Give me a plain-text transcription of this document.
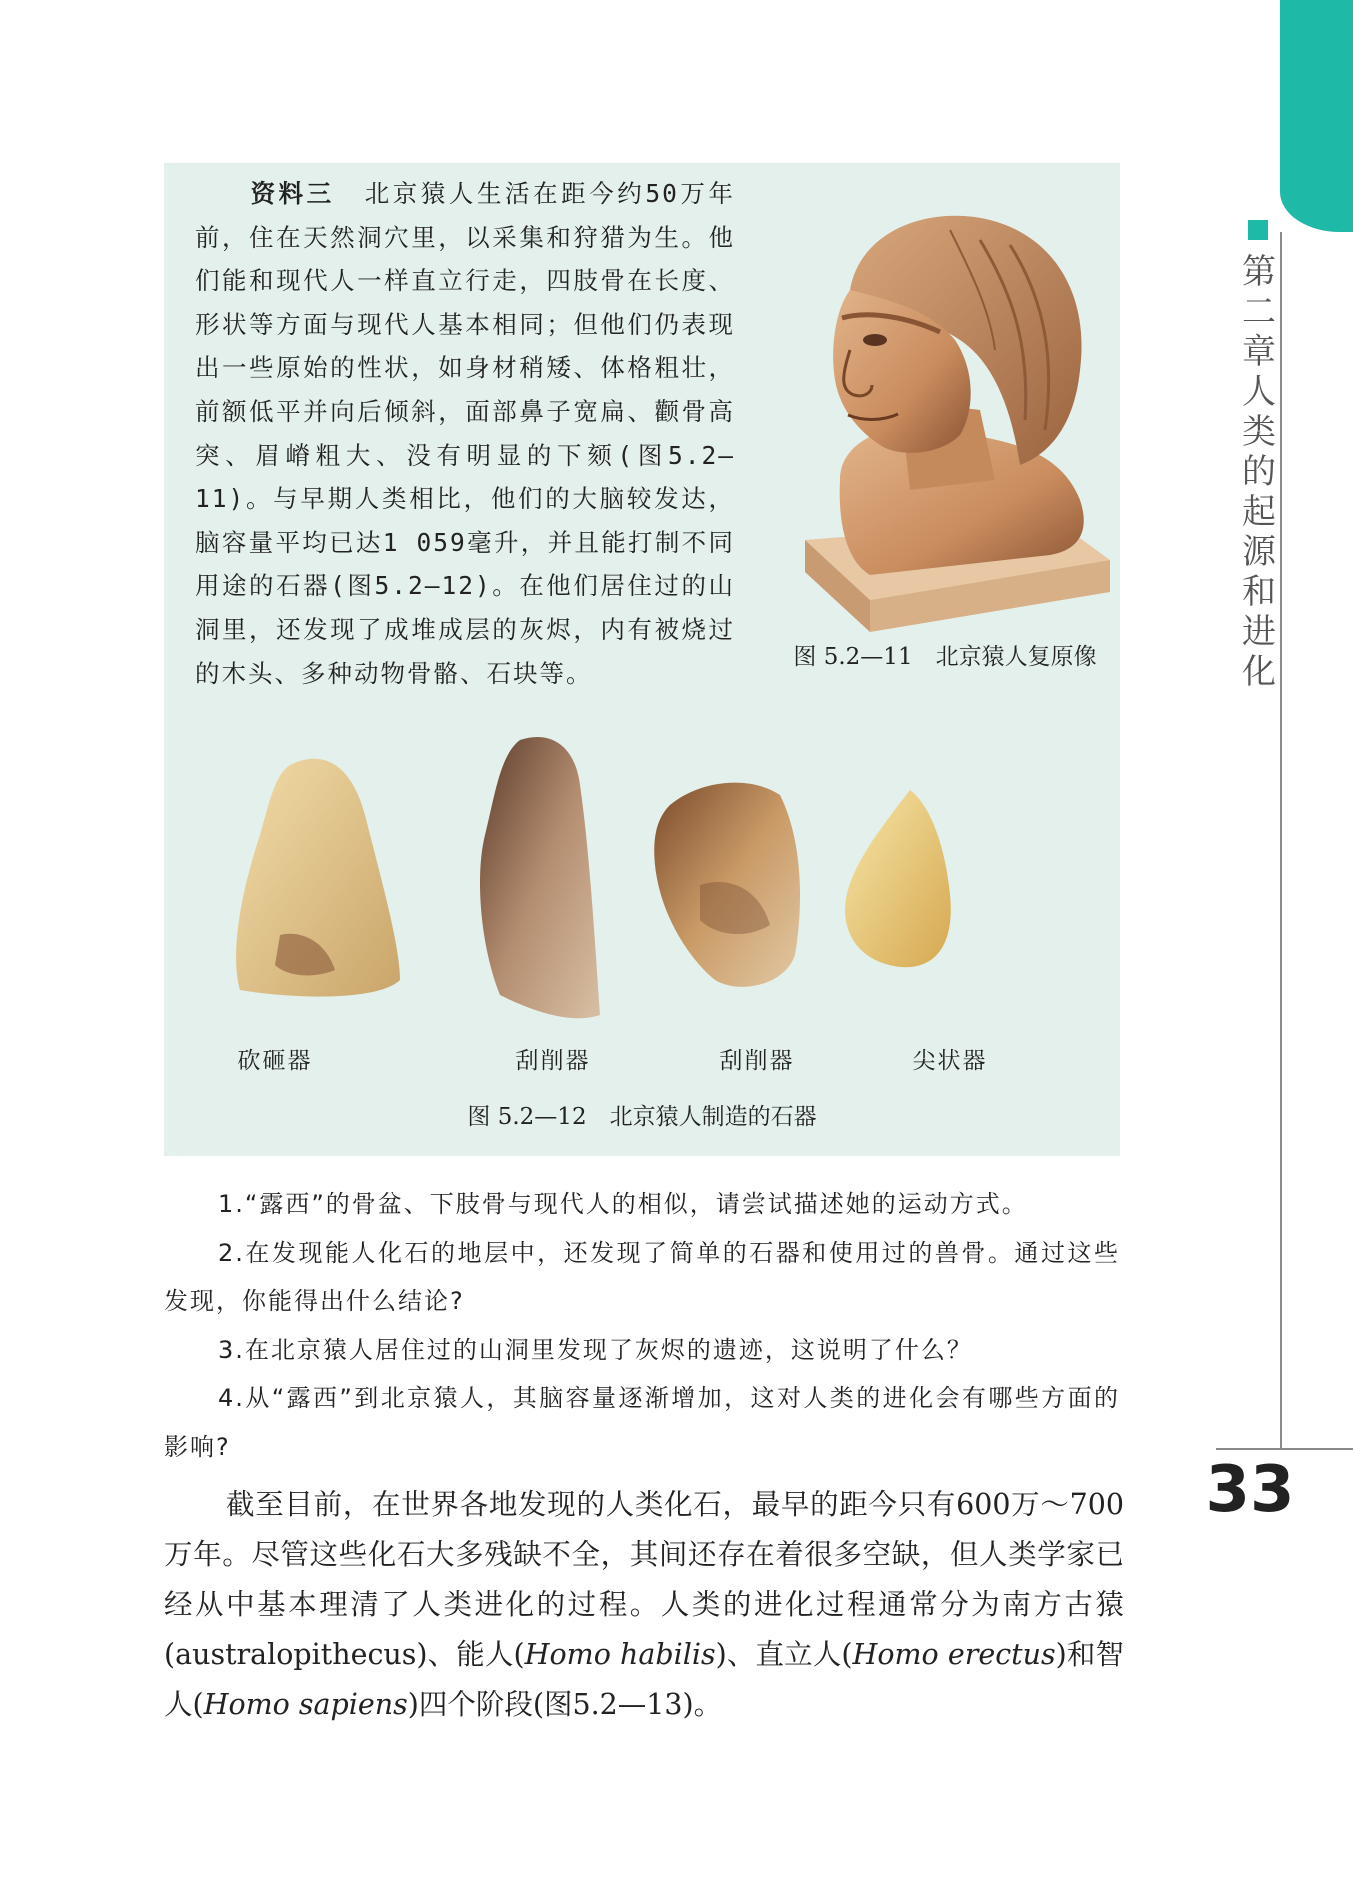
第二章 人类的起源和进化
33
资料三 北京猿人生活在距今约50万年前，住在天然洞穴里，以采集和狩猎为生。他们能和现代人一样直立行走，四肢骨在长度、形状等方面与现代人基本相同；但他们仍表现出一些原始的性状，如身材稍矮、体格粗壮，前额低平并向后倾斜，面部鼻子宽扁、颧骨高突、眉嵴粗大、没有明显的下颏(图5.2—11)。与早期人类相比，他们的大脑较发达，脑容量平均已达1 059毫升，并且能打制不同用途的石器(图5.2—12)。在他们居住过的山洞里，还发现了成堆成层的灰烬，内有被烧过的木头、多种动物骨骼、石块等。
图 5.2—11　北京猿人复原像
砍砸器	刮削器	刮削器	尖状器
图 5.2—12　北京猿人制造的石器

1.“露西”的骨盆、下肢骨与现代人的相似，请尝试描述她的运动方式。

2.在发现能人化石的地层中，还发现了简单的石器和使用过的兽骨。通过这些发现，你能得出什么结论?

3.在北京猿人居住过的山洞里发现了灰烬的遗迹，这说明了什么？

4.从“露西”到北京猿人，其脑容量逐渐增加，这对人类的进化会有哪些方面的影响?

截至目前，在世界各地发现的人类化石，最早的距今只有600万～700万年。尽管这些化石大多残缺不全，其间还存在着很多空缺，但人类学家已经从中基本理清了人类进化的过程。人类的进化过程通常分为南方古猿(australopithecus)、能人(Homo habilis)、直立人(Homo erectus)和智人(Homo sapiens)四个阶段(图5.2—13)。
